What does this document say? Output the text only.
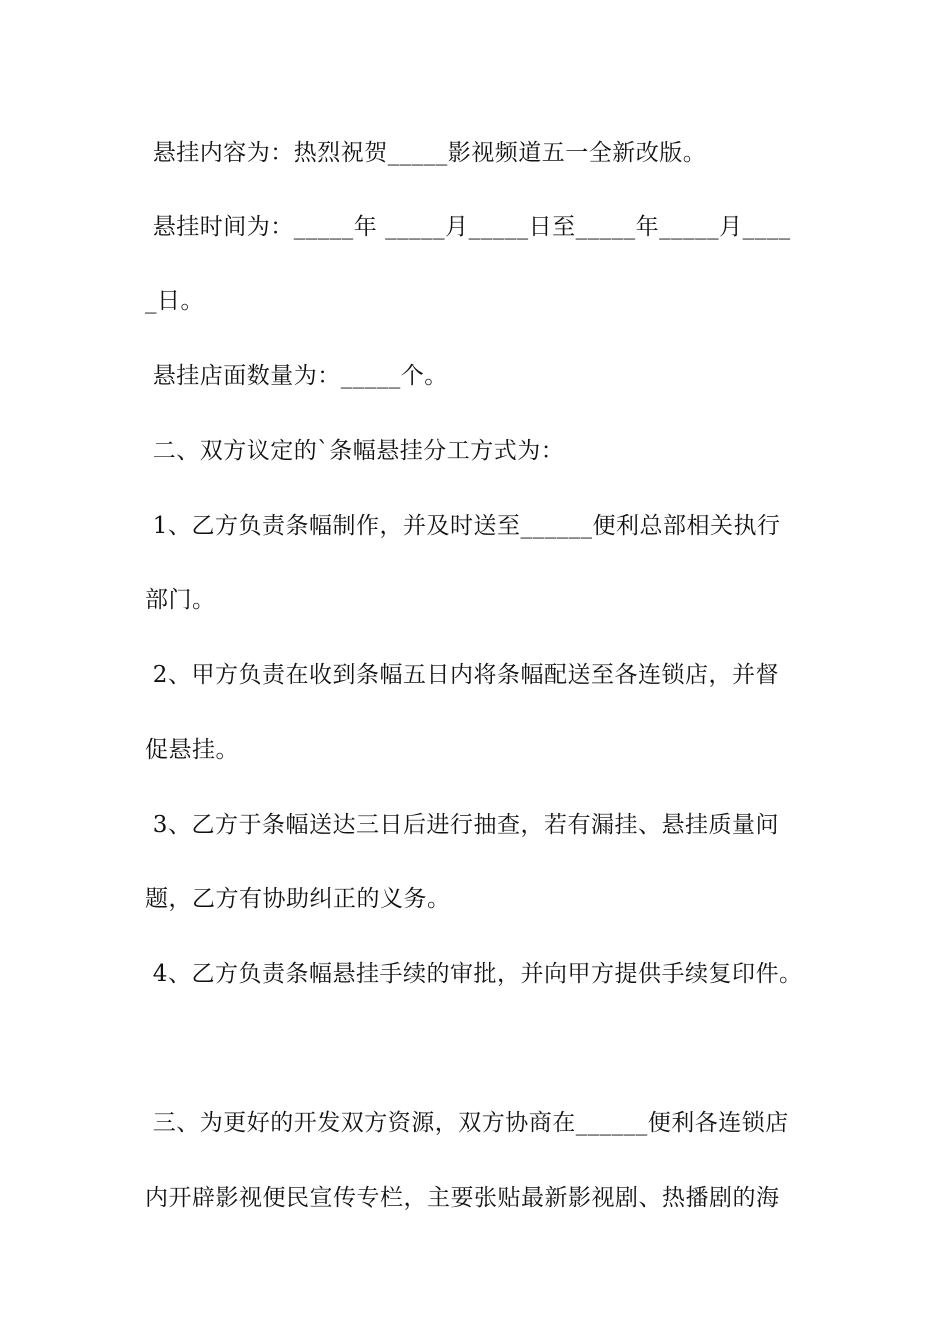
悬挂内容为：热烈祝贺_____影视频道五一全新改版。
悬挂时间为：_____年 _____月_____日至_____年_____月____
_日。
悬挂店面数量为：_____个。
二、双方议定的`条幅悬挂分工方式为：
1、乙方负责条幅制作，并及时送至______便利总部相关执行
部门。
2、甲方负责在收到条幅五日内将条幅配送至各连锁店，并督
促悬挂。
3、乙方于条幅送达三日后进行抽查，若有漏挂、悬挂质量问
题，乙方有协助纠正的义务。
4、乙方负责条幅悬挂手续的审批，并向甲方提供手续复印件。
三、为更好的开发双方资源，双方协商在______便利各连锁店
内开辟影视便民宣传专栏，主要张贴最新影视剧、热播剧的海
